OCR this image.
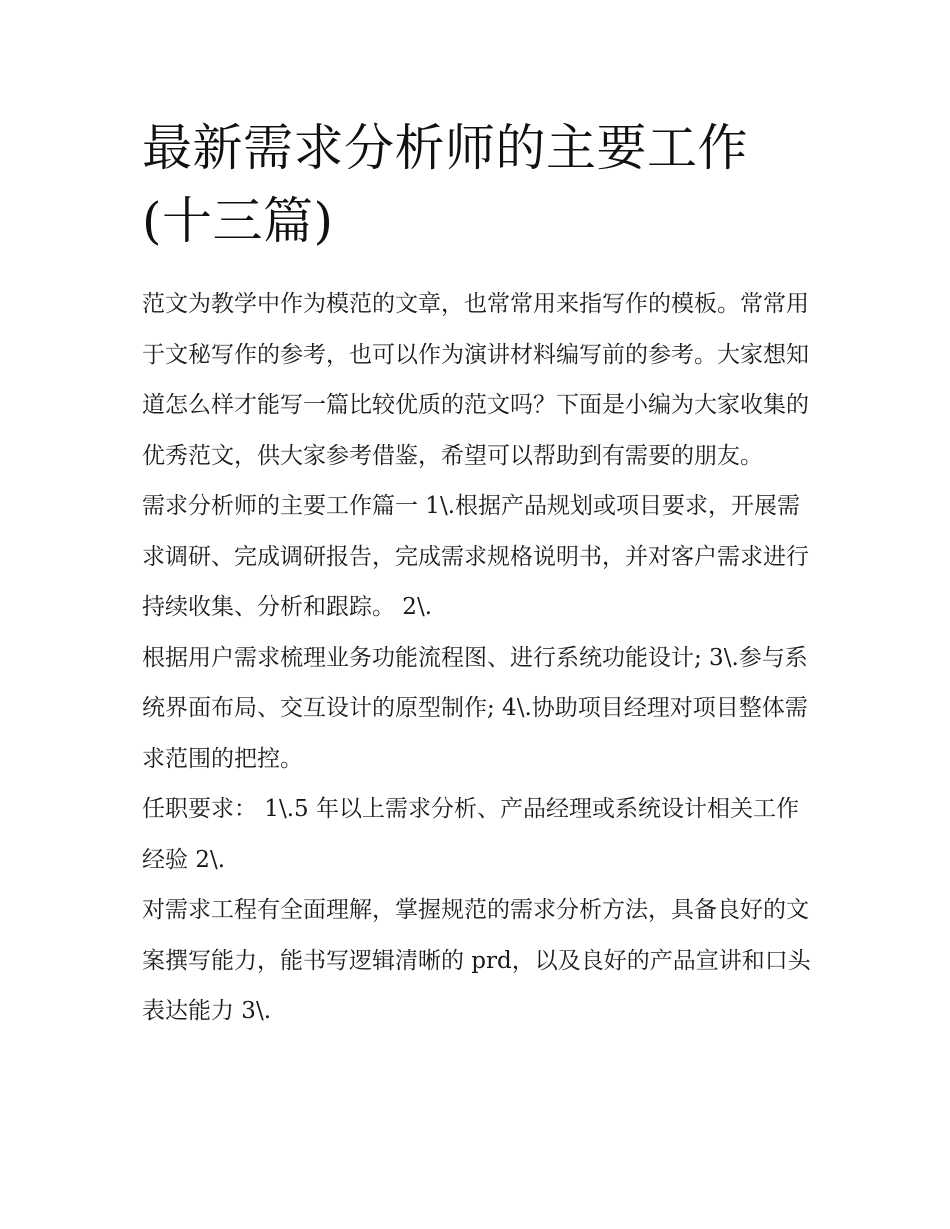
最新需求分析师的主要工作(十三篇)

范文为教学中作为模范的文章，也常常用来指写作的模板。常常用于文秘写作的参考，也可以作为演讲材料编写前的参考。大家想知道怎么样才能写一篇比较优质的范文吗？下面是小编为大家收集的优秀范文，供大家参考借鉴，希望可以帮助到有需要的朋友。

需求分析师的主要工作篇一 1\.根据产品规划或项目要求，开展需求调研、完成调研报告，完成需求规格说明书，并对客户需求进行持续收集、分析和跟踪。 2\.

根据用户需求梳理业务功能流程图、进行系统功能设计; 3\.参与系统界面布局、交互设计的原型制作; 4\.协助项目经理对项目整体需求范围的把控。

任职要求： 1\.5 年以上需求分析、产品经理或系统设计相关工作经验 2\.

对需求工程有全面理解，掌握规范的需求分析方法，具备良好的文案撰写能力，能书写逻辑清晰的 prd，以及良好的产品宣讲和口头表达能力 3\.
